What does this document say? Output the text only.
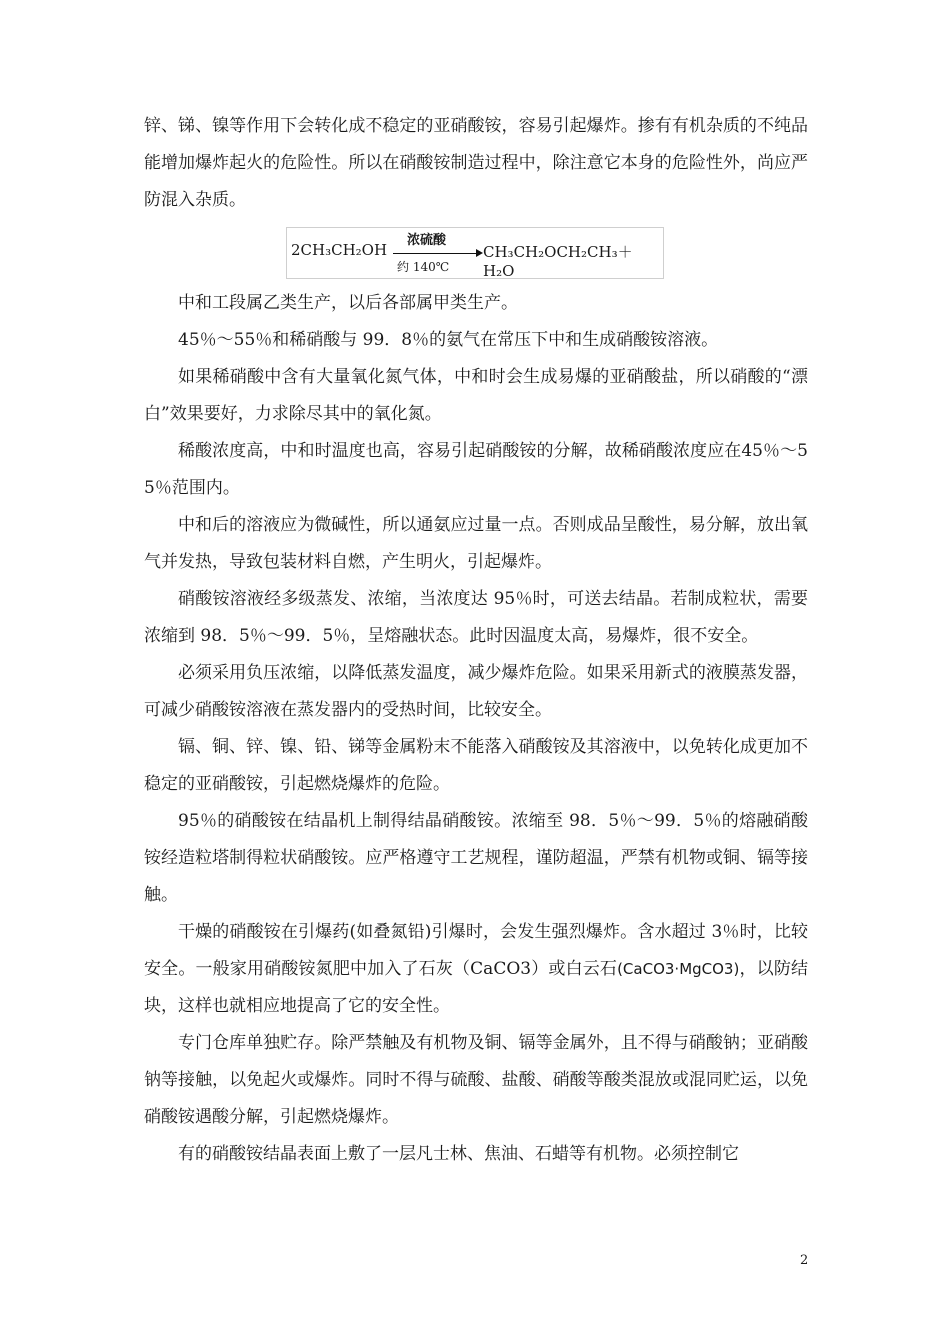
锌、锑、镍等作用下会转化成不稳定的亚硝酸铵，容易引起爆炸。掺有有机杂质的不纯品能增加爆炸起火的危险性。所以在硝酸铵制造过程中，除注意它本身的危险性外，尚应严防混入杂质。

2CH₃CH₂OH
浓硫酸
约 140℃
CH₃CH₂OCH₂CH₃＋H₂O

中和工段属乙类生产，以后各部属甲类生产。

45％～55％和稀硝酸与 99．8％的氨气在常压下中和生成硝酸铵溶液。

如果稀硝酸中含有大量氧化氮气体，中和时会生成易爆的亚硝酸盐，所以硝酸的“漂白”效果要好，力求除尽其中的氧化氮。

稀酸浓度高，中和时温度也高，容易引起硝酸铵的分解，故稀硝酸浓度应在45％～55％范围内。

中和后的溶液应为微碱性，所以通氨应过量一点。否则成品呈酸性，易分解，放出氧气并发热，导致包装材料自燃，产生明火，引起爆炸。

硝酸铵溶液经多级蒸发、浓缩，当浓度达 95％时，可送去结晶。若制成粒状，需要浓缩到 98．5％～99．5％，呈熔融状态。此时因温度太高，易爆炸，很不安全。

必须采用负压浓缩，以降低蒸发温度，减少爆炸危险。如果采用新式的液膜蒸发器，可减少硝酸铵溶液在蒸发器内的受热时间，比较安全。

镉、铜、锌、镍、铅、锑等金属粉末不能落入硝酸铵及其溶液中，以免转化成更加不稳定的亚硝酸铵，引起燃烧爆炸的危险。

95％的硝酸铵在结晶机上制得结晶硝酸铵。浓缩至 98．5％～99．5％的熔融硝酸铵经造粒塔制得粒状硝酸铵。应严格遵守工艺规程，谨防超温，严禁有机物或铜、镉等接触。

干燥的硝酸铵在引爆药(如叠氮铅)引爆时，会发生强烈爆炸。含水超过 3％时，比较安全。一般家用硝酸铵氮肥中加入了石灰（CaCO3）或白云石(CaCO3·MgCO3)，以防结块，这样也就相应地提高了它的安全性。

专门仓库单独贮存。除严禁触及有机物及铜、镉等金属外，且不得与硝酸钠；亚硝酸钠等接触，以免起火或爆炸。同时不得与硫酸、盐酸、硝酸等酸类混放或混同贮运，以免硝酸铵遇酸分解，引起燃烧爆炸。

有的硝酸铵结晶表面上敷了一层凡士林、焦油、石蜡等有机物。必须控制它

2
